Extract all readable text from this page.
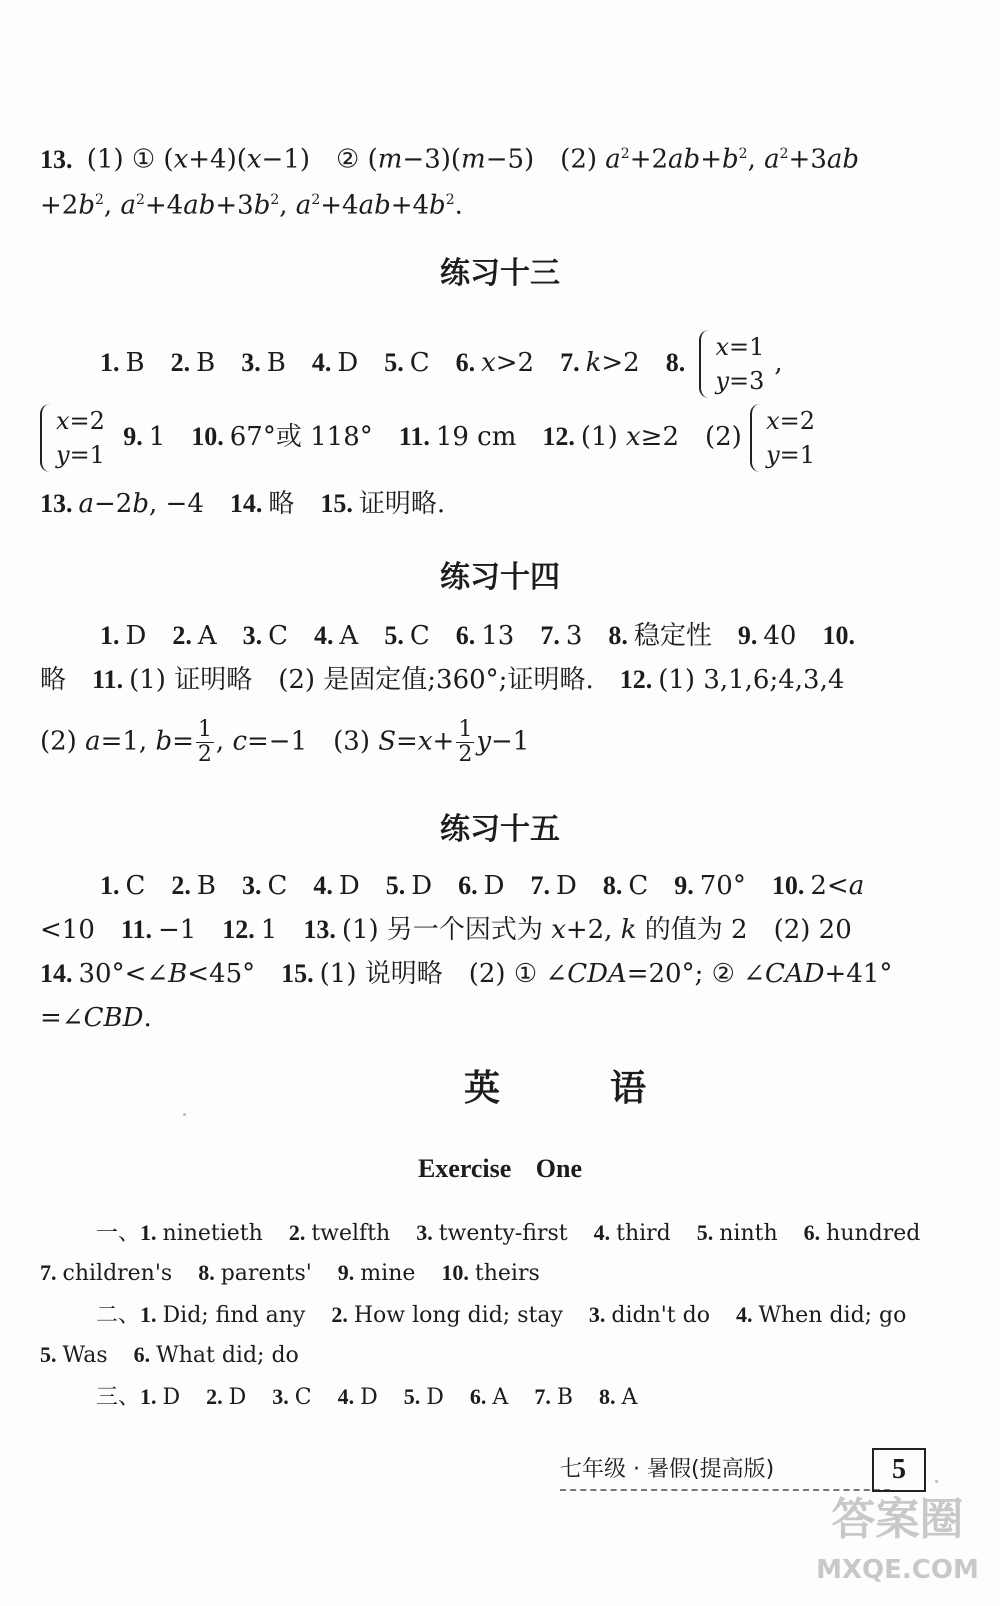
13. (1) ① (x+4)(x−1) ② (m−3)(m−5) (2) $a^2+2ab+b^2$, $a^2+3ab$
$+2b^2$, $a^2+4ab+3b^2$, $a^2+4ab+4b^2$.
练习十三
1. B 2. B 3. B 4. D 5. C 6. x>2 7. k>2 8. x=1
y=3,
x=2
y=1 9. 1 10. 67°或 118° 11. 19 cm 12. (1) x≥2 (2) x=2
y=1
13. a−2b, −4 14. 略 15. 证明略.
练习十四
1. D 2. A 3. C 4. A 5. C 6. 13 7. 3 8. 稳定性 9. 40 10.
略 11. (1) 证明略 (2) 是固定值;360°;证明略. 12. (1) 3,1,6;4,3,4
(2) a=1, $b= \frac{1}{2}$ , c=−1 (3) $S=x+ \frac{1}{2} y-1$
练习十五
1. C 2. B 3. C 4. D 5. D 6. D 7. D 8. C 9. 70° 10. 2<a
<10 11. −1 12. 1 13. (1) 另一个因式为 x+2, k 的值为 2 (2) 20
14. 30°<∠B<45° 15. (1) 说明略 (2) ① ∠CDA=20°; ② ∠CAD+41°
=∠CBD.
英语
Exercise One
一、1. ninetieth 2. twelfth 3. twenty-first 4. third 5. ninth 6. hundred
7. children's 8. parents' 9. mine 10. theirs
二、1. Did; find any 2. How long did; stay 3. didn't do 4. When did; go
5. Was 6. What did; do
三、1. D 2. D 3. C 4. D 5. D 6. A 7. B 8. A
七年级 · 暑假(提高版)	5
答案圈
MXQE.COM
